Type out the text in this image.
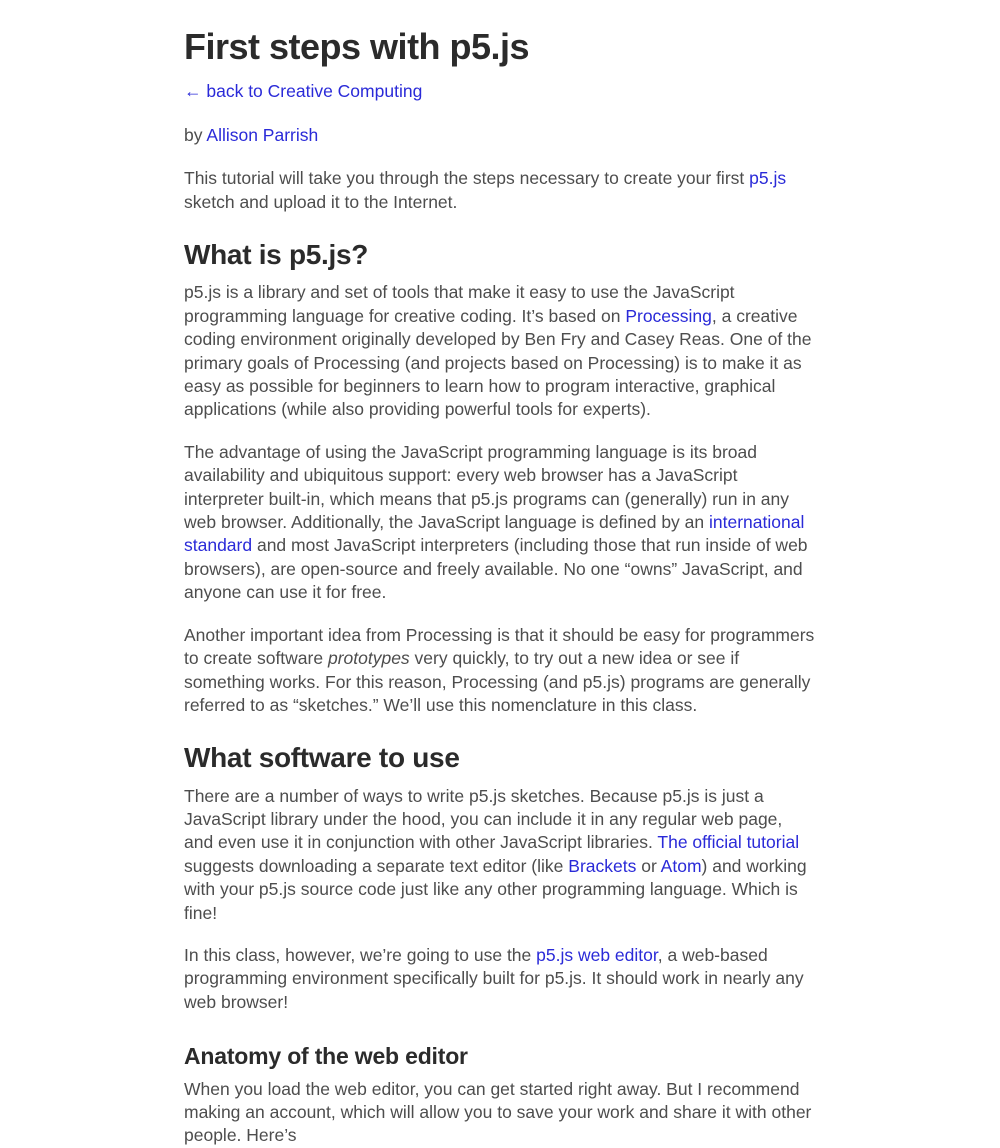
First steps with p5.js
← back to Creative Computing
by Allison Parrish

This tutorial will take you through the steps necessary to create your first p5.js sketch and upload it to the Internet.

What is p5.js?

p5.js is a library and set of tools that make it easy to use the JavaScript programming language for creative coding. It’s based on Processing, a creative coding environment originally developed by Ben Fry and Casey Reas. One of the primary goals of Processing (and projects based on Processing) is to make it as easy as possible for beginners to learn how to program interactive, graphical applications (while also providing powerful tools for experts).

The advantage of using the JavaScript programming language is its broad availability and ubiquitous support: every web browser has a JavaScript interpreter built-in, which means that p5.js programs can (generally) run in any web browser. Additionally, the JavaScript language is defined by an international standard and most JavaScript interpreters (including those that run inside of web browsers), are open-source and freely available. No one “owns” JavaScript, and anyone can use it for free.

Another important idea from Processing is that it should be easy for programmers to create software prototypes very quickly, to try out a new idea or see if something works. For this reason, Processing (and p5.js) programs are generally referred to as “sketches.” We’ll use this nomenclature in this class.

What software to use

There are a number of ways to write p5.js sketches. Because p5.js is just a JavaScript library under the hood, you can include it in any regular web page, and even use it in conjunction with other JavaScript libraries. The official tutorial suggests downloading a separate text editor (like Brackets or Atom) and working with your p5.js source code just like any other programming language. Which is fine!

In this class, however, we’re going to use the p5.js web editor, a web-based programming environment specifically built for p5.js. It should work in nearly any web browser!

Anatomy of the web editor

When you load the web editor, you can get started right away. But I recommend making an account, which will allow you to save your work and share it with other people. Here’s
